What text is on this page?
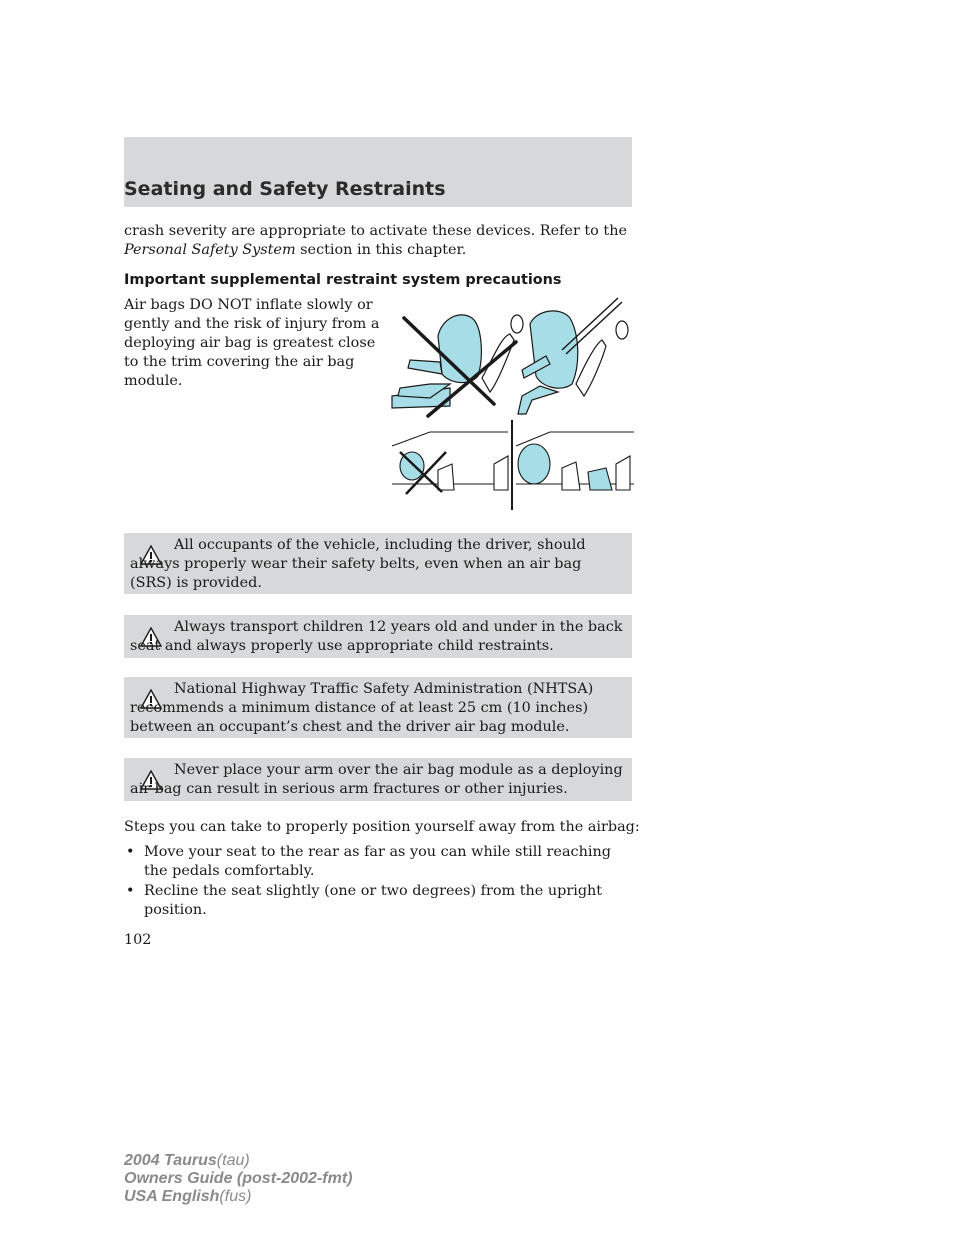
Seating and Safety Restraints
crash severity are appropriate to activate these devices. Refer to the
Personal Safety System section in this chapter.
Important supplemental restraint system precautions
Air bags DO NOT inflate slowly or gently and the risk of injury from a deploying air bag is greatest close to the trim covering the air bag module.
All occupants of the vehicle, including the driver, should always properly wear their safety belts, even when an air bag (SRS) is provided.
Always transport children 12 years old and under in the back seat and always properly use appropriate child restraints.
National Highway Traffic Safety Administration (NHTSA) recommends a minimum distance of at least 25 cm (10 inches) between an occupant’s chest and the driver air bag module.
Never place your arm over the air bag module as a deploying air bag can result in serious arm fractures or other injuries.
Steps you can take to properly position yourself away from the airbag:
• Move your seat to the rear as far as you can while still reaching the pedals comfortably.
• Recline the seat slightly (one or two degrees) from the upright position.
102
2004 Taurus(tau)
Owners Guide (post-2002-fmt)
USA English(fus)
